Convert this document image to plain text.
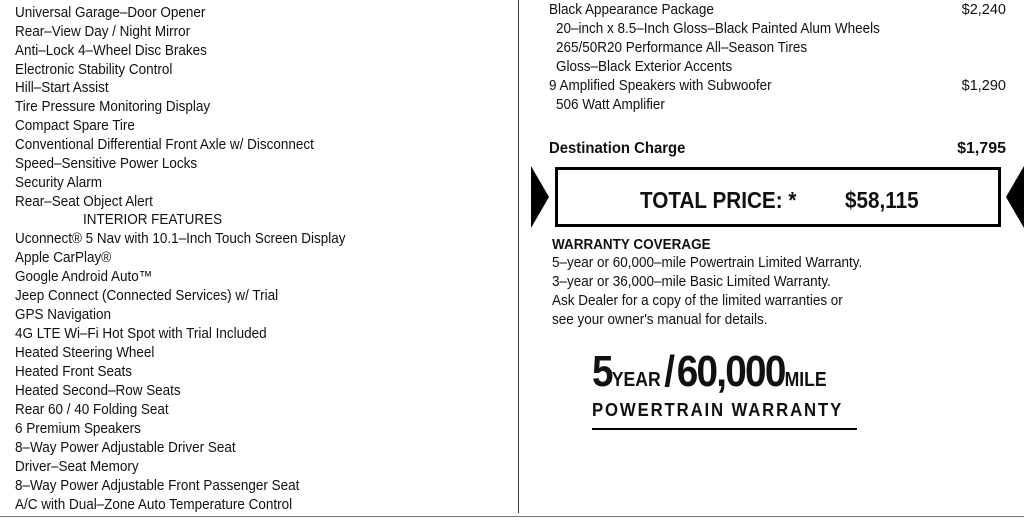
Universal Garage–Door Opener
Rear–View Day / Night Mirror
Anti–Lock 4–Wheel Disc Brakes
Electronic Stability Control
Hill–Start Assist
Tire Pressure Monitoring Display
Compact Spare Tire
Conventional Differential Front Axle w/ Disconnect
Speed–Sensitive Power Locks
Security Alarm
Rear–Seat Object Alert
INTERIOR FEATURES
Uconnect® 5 Nav with 10.1–Inch Touch Screen Display
Apple CarPlay®
Google Android Auto™
Jeep Connect (Connected Services) w/ Trial
GPS Navigation
4G LTE Wi–Fi Hot Spot with Trial Included
Heated Steering Wheel
Heated Front Seats
Heated Second–Row Seats
Rear 60 / 40 Folding Seat
6 Premium Speakers
8–Way Power Adjustable Driver Seat
Driver–Seat Memory
8–Way Power Adjustable Front Passenger Seat
A/C with Dual–Zone Auto Temperature Control
Black Appearance Package	$2,240
20–inch x 8.5–Inch Gloss–Black Painted Alum Wheels
265/50R20 Performance All–Season Tires
Gloss–Black Exterior Accents
9 Amplified Speakers with Subwoofer	$1,290
506 Watt Amplifier
Destination Charge	$1,795
TOTAL PRICE: * $58,115
WARRANTY COVERAGE
5–year or 60,000–mile Powertrain Limited Warranty.
3–year or 36,000–mile Basic Limited Warranty.
Ask Dealer for a copy of the limited warranties or
see your owner's manual for details.
5YEAR/60,000MILE
POWERTRAIN WARRANTY
